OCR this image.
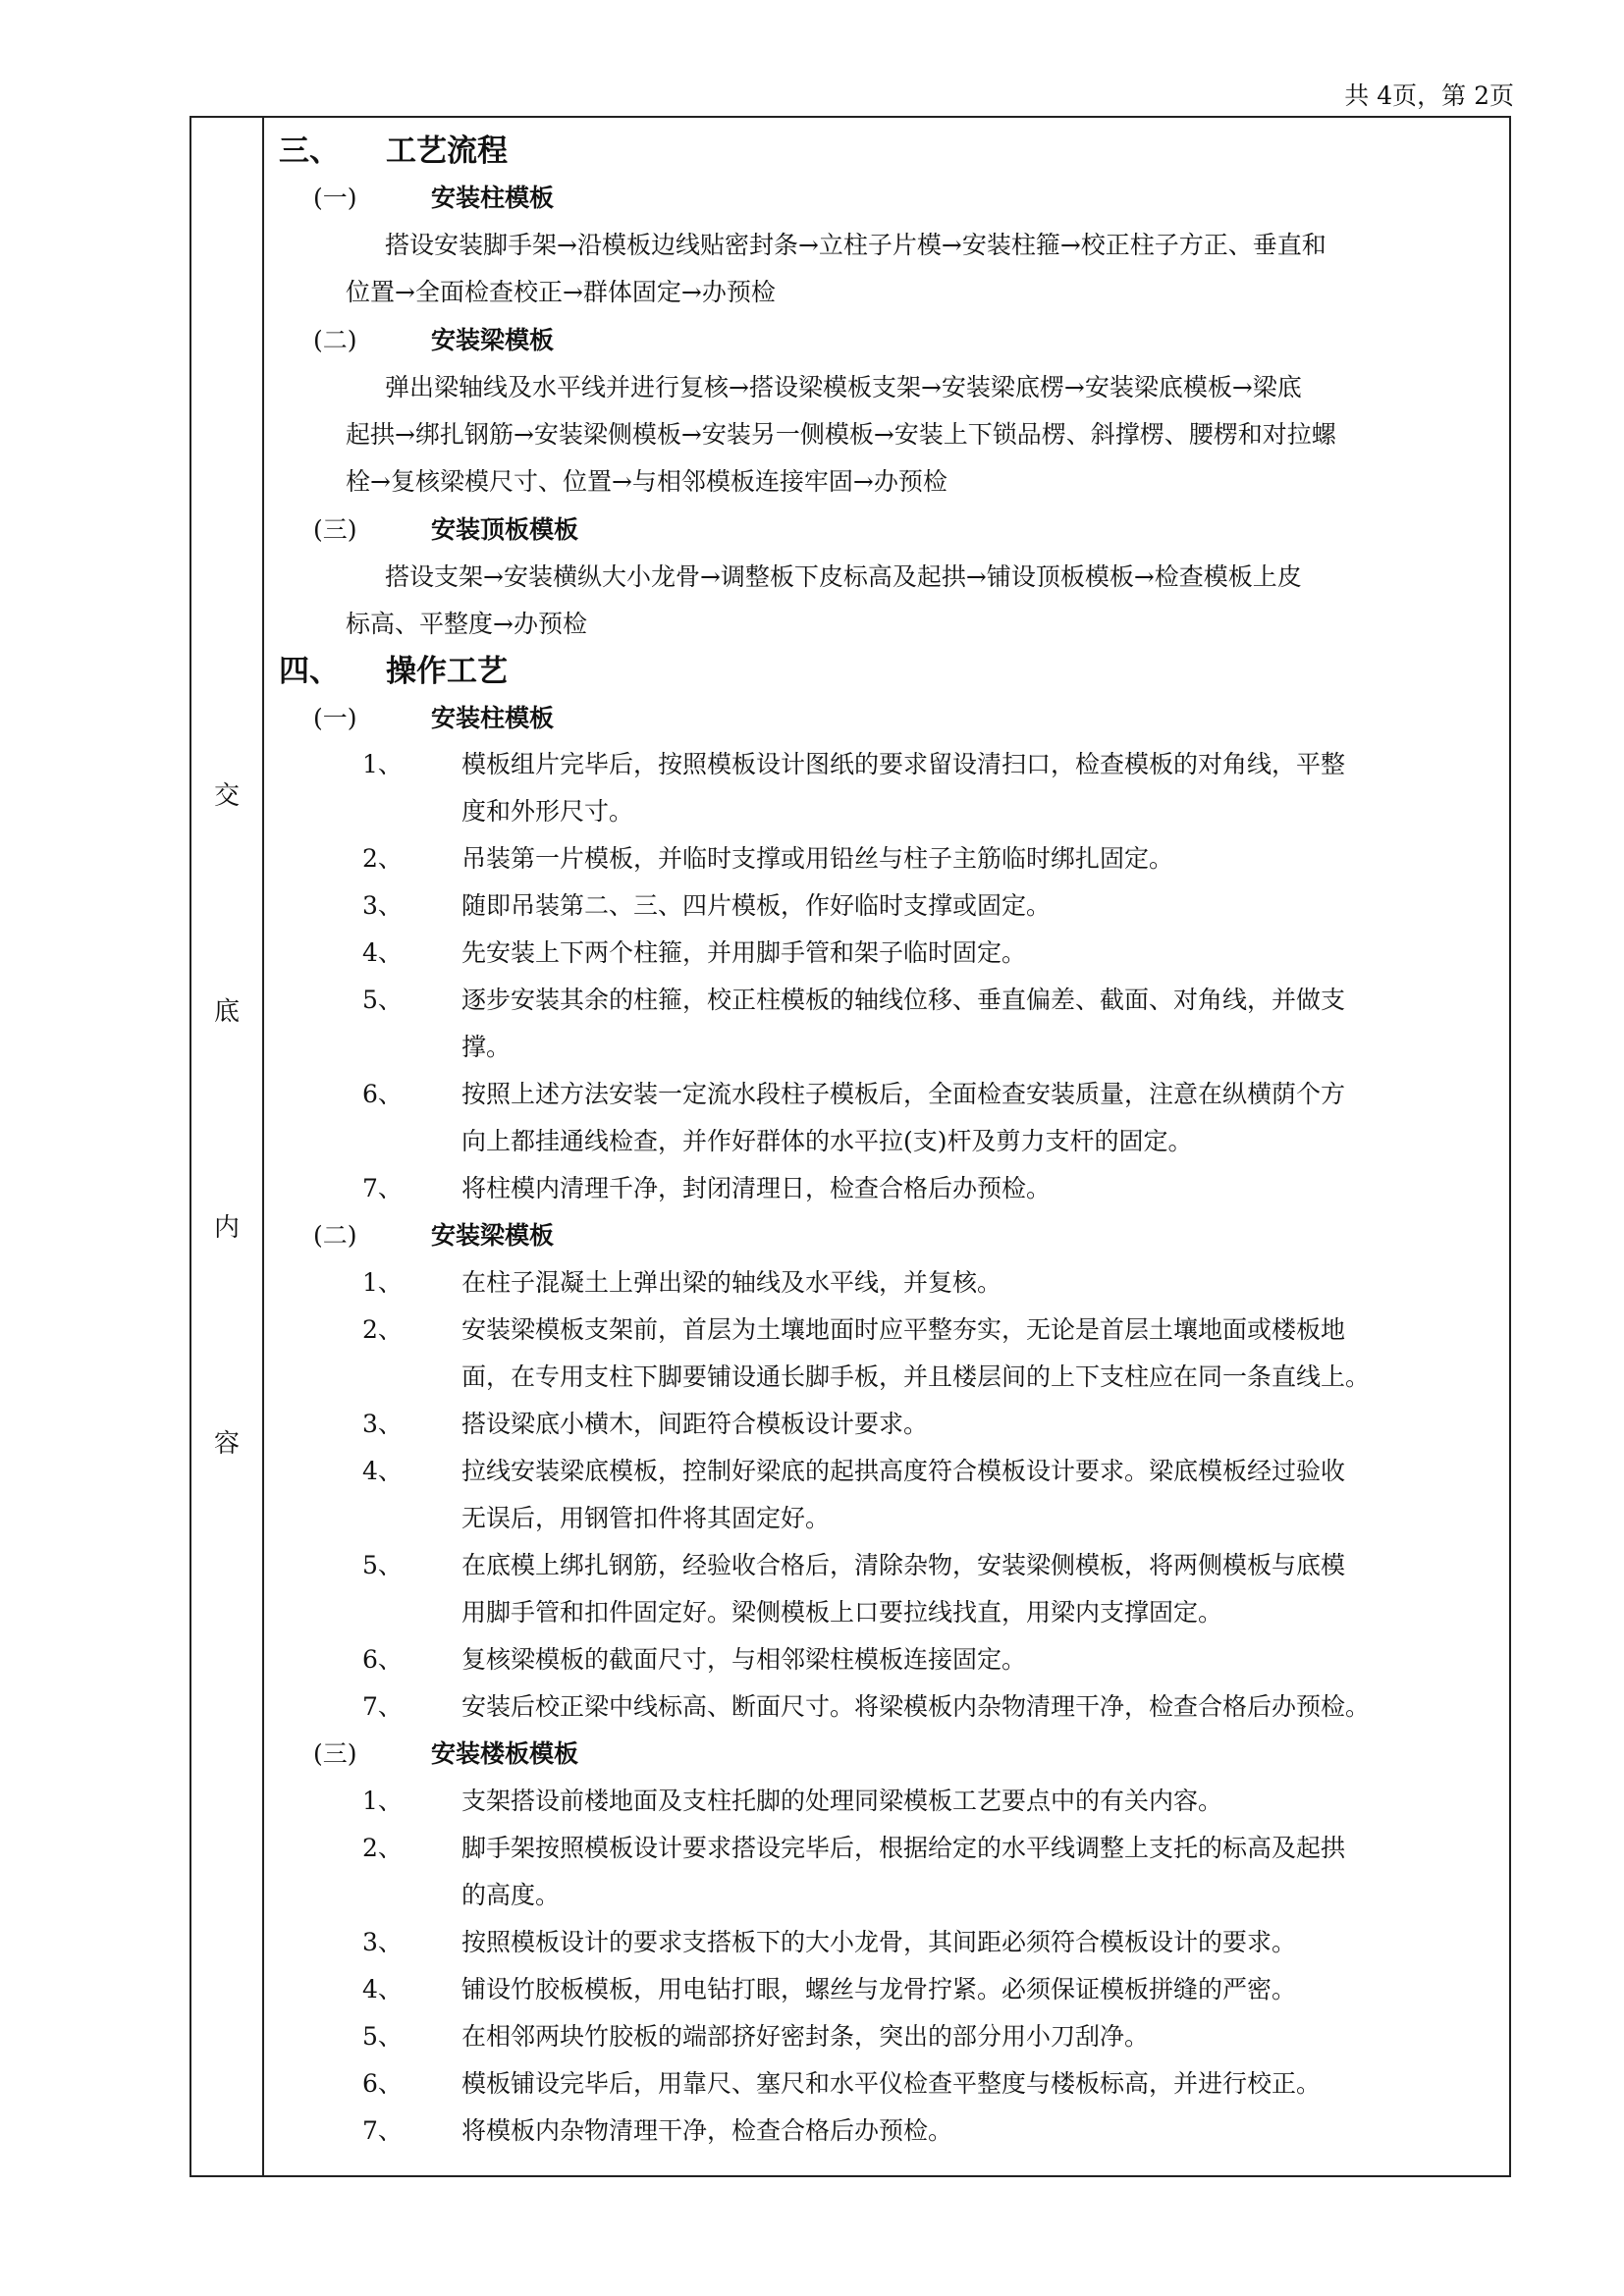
共 4页，第 2页
交
底
内
容
三、 工艺流程
(一)	安装柱模板
搭设安装脚手架→沿模板边线贴密封条→立柱子片模→安装柱箍→校正柱子方正、垂直和
位置→全面检查校正→群体固定→办预检
(二)	安装梁模板
弹出梁轴线及水平线并进行复核→搭设梁模板支架→安装梁底楞→安装梁底模板→梁底
起拱→绑扎钢筋→安装梁侧模板→安装另一侧模板→安装上下锁品楞、斜撑楞、腰楞和对拉螺
栓→复核梁模尺寸、位置→与相邻模板连接牢固→办预检
(三)	安装顶板模板
搭设支架→安装横纵大小龙骨→调整板下皮标高及起拱→铺设顶板模板→检查模板上皮
标高、平整度→办预检
四、 操作工艺
(一)	安装柱模板
1、 模板组片完毕后，按照模板设计图纸的要求留设清扫口，检查模板的对角线，平整
度和外形尺寸。
2、 吊装第一片模板，并临时支撑或用铅丝与柱子主筋临时绑扎固定。
3、 随即吊装第二、三、四片模板，作好临时支撑或固定。
4、 先安装上下两个柱箍，并用脚手管和架子临时固定。
5、 逐步安装其余的柱箍，校正柱模板的轴线位移、垂直偏差、截面、对角线，并做支
撑。
6、 按照上述方法安装一定流水段柱子模板后，全面检查安装质量，注意在纵横荫个方
向上都挂通线检查，并作好群体的水平拉(支)杆及剪力支杆的固定。
7、 将柱模内清理千净，封闭清理日，检查合格后办预检。
(二)	安装梁模板
1、 在柱子混凝土上弹出梁的轴线及水平线，并复核。
2、 安装梁模板支架前，首层为土壤地面时应平整夯实，无论是首层土壤地面或楼板地
面，在专用支柱下脚要铺设通长脚手板，并且楼层间的上下支柱应在同一条直线上。
3、 搭设梁底小横木，间距符合模板设计要求。
4、 拉线安装梁底模板，控制好梁底的起拱高度符合模板设计要求。梁底模板经过验收
无误后，用钢管扣件将其固定好。
5、 在底模上绑扎钢筋，经验收合格后，清除杂物，安装梁侧模板，将两侧模板与底模
用脚手管和扣件固定好。梁侧模板上口要拉线找直，用梁内支撑固定。
6、 复核梁模板的截面尺寸，与相邻梁柱模板连接固定。
7、 安装后校正梁中线标高、断面尺寸。将梁模板内杂物清理干净，检查合格后办预检。
(三)	安装楼板模板
1、 支架搭设前楼地面及支柱托脚的处理同梁模板工艺要点中的有关内容。
2、 脚手架按照模板设计要求搭设完毕后，根据给定的水平线调整上支托的标高及起拱
的高度。
3、 按照模板设计的要求支搭板下的大小龙骨，其间距必须符合模板设计的要求。
4、 铺设竹胶板模板，用电钻打眼，螺丝与龙骨拧紧。必须保证模板拼缝的严密。
5、 在相邻两块竹胶板的端部挤好密封条，突出的部分用小刀刮净。
6、 模板铺设完毕后，用靠尺、塞尺和水平仪检查平整度与楼板标高，并进行校正。
7、 将模板内杂物清理干净，检查合格后办预检。
